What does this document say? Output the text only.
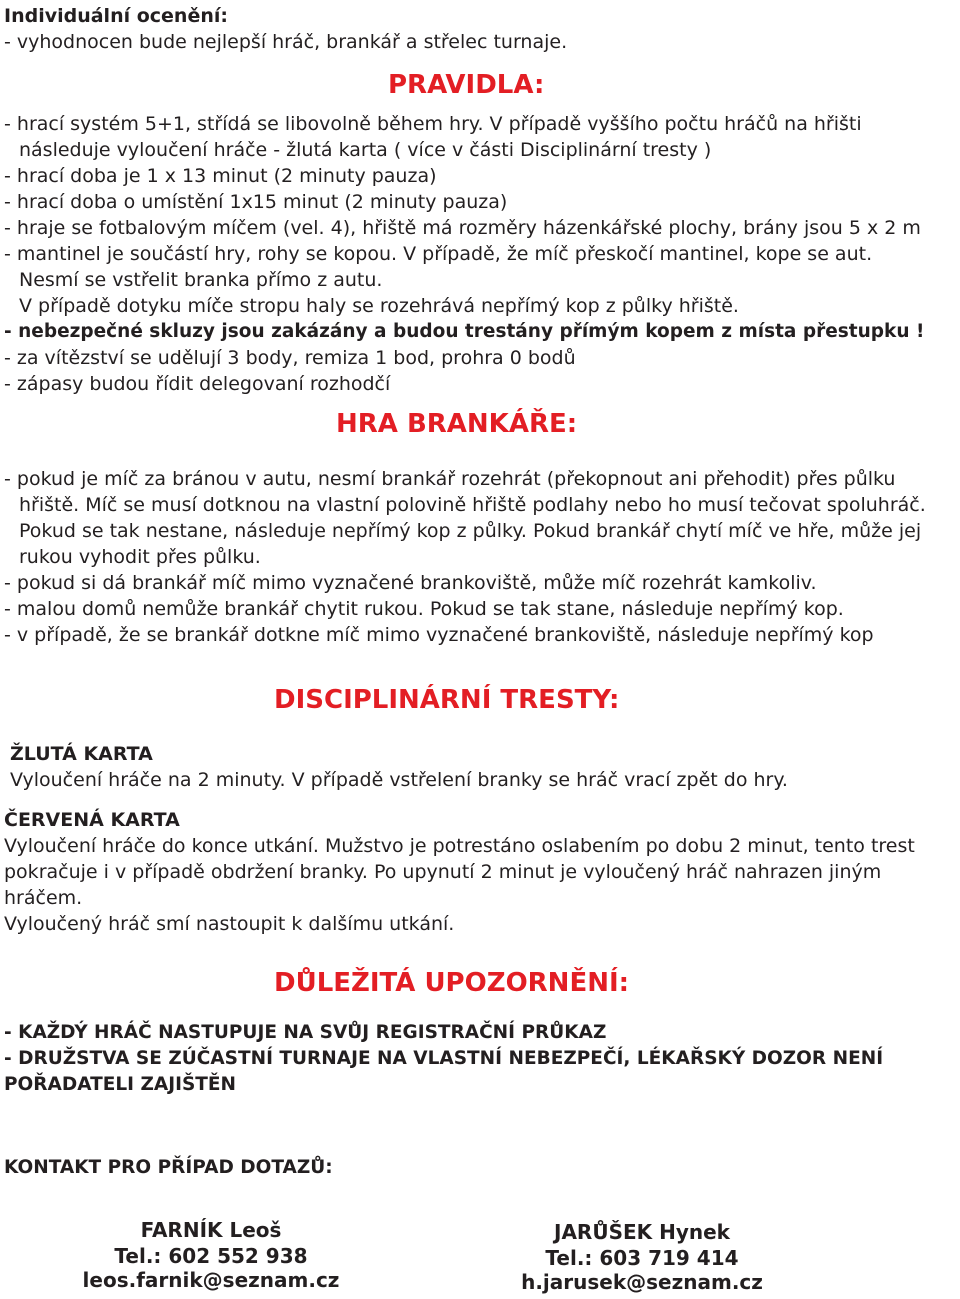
Individuální ocenění:
- vyhodnocen bude nejlepší hráč, brankář a střelec turnaje.
PRAVIDLA:
- hrací systém 5+1, střídá se libovolně během hry. V případě vyššího počtu hráčů na hřišti
následuje vyloučení hráče - žlutá karta ( více v části Disciplinární tresty )
- hrací doba je 1 x 13 minut (2 minuty pauza)
- hrací doba o umístění 1x15 minut (2 minuty pauza)
- hraje se fotbalovým míčem (vel. 4), hřiště má rozměry házenkářské plochy, brány jsou 5 x 2 m
- mantinel je součástí hry, rohy se kopou. V případě, že míč přeskočí mantinel, kope se aut.
Nesmí se vstřelit branka přímo z autu.
V případě dotyku míče stropu haly se rozehrává nepřímý kop z půlky hřiště.
- nebezpečné skluzy jsou zakázány a budou trestány přímým kopem z místa přestupku !
- za vítězství se udělují 3 body, remiza 1 bod, prohra 0 bodů
- zápasy budou řídit delegovaní rozhodčí
HRA BRANKÁŘE:
- pokud je míč za bránou v autu, nesmí brankář rozehrát (překopnout ani přehodit) přes půlku
hřiště. Míč se musí dotknou na vlastní polovině hřiště podlahy nebo ho musí tečovat spoluhráč.
Pokud se tak nestane, následuje nepřímý kop z půlky. Pokud brankář chytí míč ve hře, může jej
rukou vyhodit přes půlku.
- pokud si dá brankář míč mimo vyznačené brankoviště, může míč rozehrát kamkoliv.
- malou domů nemůže brankář chytit rukou. Pokud se tak stane, následuje nepřímý kop.
- v případě, že se brankář dotkne míč mimo vyznačené brankoviště, následuje nepřímý kop
DISCIPLINÁRNÍ TRESTY:
ŽLUTÁ KARTA
Vyloučení hráče na 2 minuty. V případě vstřelení branky se hráč vrací zpět do hry.
ČERVENÁ KARTA
Vyloučení hráče do konce utkání. Mužstvo je potrestáno oslabením po dobu 2 minut, tento trest
pokračuje i v případě obdržení branky. Po upynutí 2 minut je vyloučený hráč nahrazen jiným
hráčem.
Vyloučený hráč smí nastoupit k dalšímu utkání.
DŮLEŽITÁ UPOZORNĚNÍ:
- KAŽDÝ HRÁČ NASTUPUJE NA SVŮJ REGISTRAČNÍ PRŮKAZ
- DRUŽSTVA SE ZÚČASTNÍ TURNAJE NA VLASTNÍ NEBEZPEČÍ, LÉKAŘSKÝ DOZOR NENÍ
POŘADATELI ZAJIŠTĚN
KONTAKT PRO PŘÍPAD DOTAZŮ:
FARNÍK Leoš
Tel.: 602 552 938
leos.farnik@seznam.cz
JARŮŠEK Hynek
Tel.: 603 719 414
h.jarusek@seznam.cz
